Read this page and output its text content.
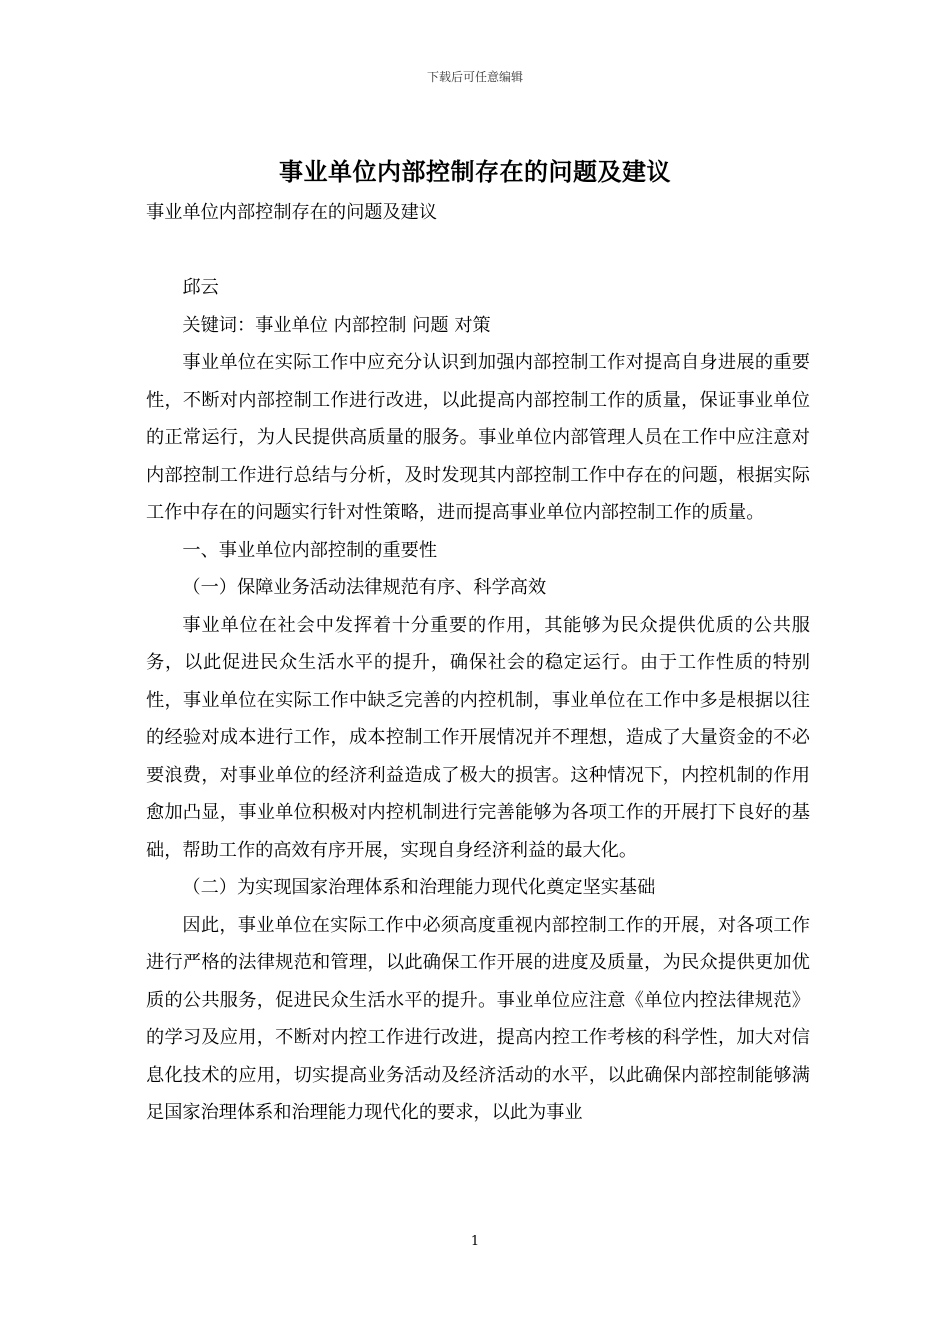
下载后可任意编辑
事业单位内部控制存在的问题及建议

事业单位内部控制存在的问题及建议

邱云

关键词：事业单位 内部控制 问题 对策

事业单位在实际工作中应充分认识到加强内部控制工作对提高自身进展的重要性，不断对内部控制工作进行改进，以此提高内部控制工作的质量，保证事业单位的正常运行，为人民提供高质量的服务。事业单位内部管理人员在工作中应注意对内部控制工作进行总结与分析，及时发现其内部控制工作中存在的问题，根据实际工作中存在的问题实行针对性策略，进而提高事业单位内部控制工作的质量。

一、事业单位内部控制的重要性

（一）保障业务活动法律规范有序、科学高效

事业单位在社会中发挥着十分重要的作用，其能够为民众提供优质的公共服务，以此促进民众生活水平的提升，确保社会的稳定运行。由于工作性质的特别性，事业单位在实际工作中缺乏完善的内控机制，事业单位在工作中多是根据以往的经验对成本进行工作，成本控制工作开展情况并不理想，造成了大量资金的不必要浪费，对事业单位的经济利益造成了极大的损害。这种情况下，内控机制的作用愈加凸显，事业单位积极对内控机制进行完善能够为各项工作的开展打下良好的基础，帮助工作的高效有序开展，实现自身经济利益的最大化。

（二）为实现国家治理体系和治理能力现代化奠定坚实基础

因此，事业单位在实际工作中必须高度重视内部控制工作的开展，对各项工作进行严格的法律规范和管理，以此确保工作开展的进度及质量，为民众提供更加优质的公共服务，促进民众生活水平的提升。事业单位应注意《单位内控法律规范》的学习及应用，不断对内控工作进行改进，提高内控工作考核的科学性，加大对信息化技术的应用，切实提高业务活动及经济活动的水平，以此确保内部控制能够满足国家治理体系和治理能力现代化的要求，以此为事业

1
